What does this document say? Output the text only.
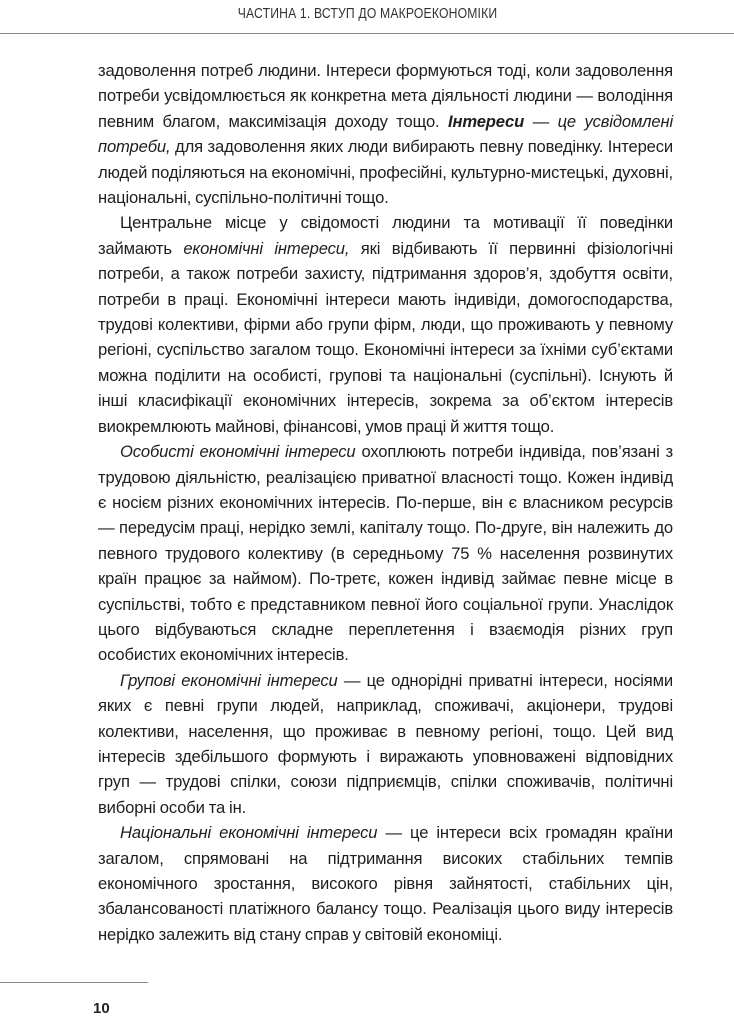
ЧАСТИНА 1. ВСТУП ДО МАКРОЕКОНОМІКИ

задоволення потреб людини. Інтереси формуються тоді, коли задоволення потреби усвідомлюється як конкретна мета діяльності людини — володіння певним благом, максимізація доходу тощо. Інтереси — це усвідомлені потреби, для задоволення яких люди вибирають певну поведінку. Інтереси людей поділяються на економічні, професійні, культурно-мистецькі, духовні, національні, суспільно-політичні тощо.

Центральне місце у свідомості людини та мотивації її поведінки займають економічні інтереси, які відбивають її первинні фізіологічні потреби, а також потреби захисту, підтримання здоров’я, здобуття освіти, потреби в праці. Економічні інтереси мають індивіди, домогосподарства, трудові колективи, фірми або групи фірм, люди, що проживають у певному регіоні, суспільство загалом тощо. Економічні інтереси за їхніми суб’єктами можна поділити на особисті, групові та національні (суспільні). Існують й інші класифікації економічних інтересів, зокрема за об’єктом інтересів виокремлюють майнові, фінансові, умов праці й життя тощо.

Особисті економічні інтереси охоплюють потреби індивіда, пов’язані з трудовою діяльністю, реалізацією приватної власності тощо. Кожен індивід є носієм різних економічних інтересів. По-перше, він є власником ресурсів — передусім праці, нерідко землі, капіталу тощо. По-друге, він належить до певного трудового колективу (в середньому 75 % населення розвинутих країн працює за наймом). По-третє, кожен індивід займає певне місце в суспільстві, тобто є представником певної його соціальної групи. Унаслідок цього відбуваються складне переплетення і взаємодія різних груп особистих економічних інтересів.

Групові економічні інтереси — це однорідні приватні інтереси, носіями яких є певні групи людей, наприклад, споживачі, акціонери, трудові колективи, населення, що проживає в певному регіоні, тощо. Цей вид інтересів здебільшого формують і виражають уповноважені відповідних груп — трудові спілки, союзи підприємців, спілки споживачів, політичні виборні особи та ін.

Національні економічні інтереси — це інтереси всіх громадян країни загалом, спрямовані на підтримання високих стабільних темпів економічного зростання, високого рівня зайнятості, стабільних цін, збалансованості платіжного балансу тощо. Реалізація цього виду інтересів нерідко залежить від стану справ у світовій економіці.

10
